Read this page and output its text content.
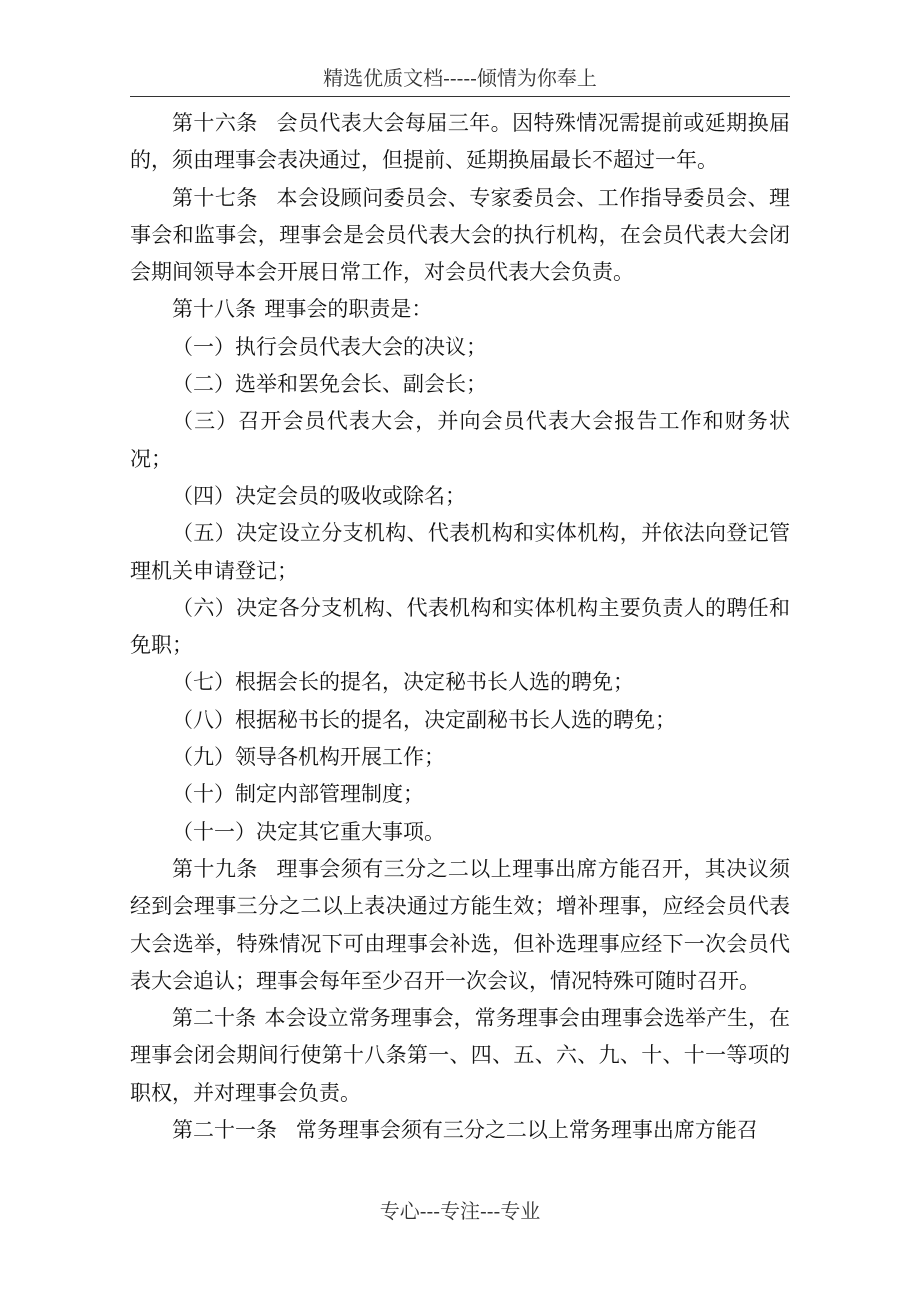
精选优质文档-----倾情为你奉上

第十六条 会员代表大会每届三年。因特殊情况需提前或延期换届的，须由理事会表决通过，但提前、延期换届最长不超过一年。

第十七条 本会设顾问委员会、专家委员会、工作指导委员会、理事会和监事会，理事会是会员代表大会的执行机构，在会员代表大会闭会期间领导本会开展日常工作，对会员代表大会负责。

第十八条 理事会的职责是：

（一）执行会员代表大会的决议；

（二）选举和罢免会长、副会长；

（三）召开会员代表大会，并向会员代表大会报告工作和财务状况；

（四）决定会员的吸收或除名；

（五）决定设立分支机构、代表机构和实体机构，并依法向登记管理机关申请登记；

（六）决定各分支机构、代表机构和实体机构主要负责人的聘任和免职；

（七）根据会长的提名，决定秘书长人选的聘免；

（八）根据秘书长的提名，决定副秘书长人选的聘免；

（九）领导各机构开展工作；

（十）制定内部管理制度；

（十一）决定其它重大事项。

第十九条 理事会须有三分之二以上理事出席方能召开，其决议须经到会理事三分之二以上表决通过方能生效；增补理事，应经会员代表大会选举，特殊情况下可由理事会补选，但补选理事应经下一次会员代表大会追认；理事会每年至少召开一次会议，情况特殊可随时召开。

第二十条 本会设立常务理事会，常务理事会由理事会选举产生，在理事会闭会期间行使第十八条第一、四、五、六、九、十、十一等项的职权，并对理事会负责。

第二十一条 常务理事会须有三分之二以上常务理事出席方能召

专心---专注---专业
